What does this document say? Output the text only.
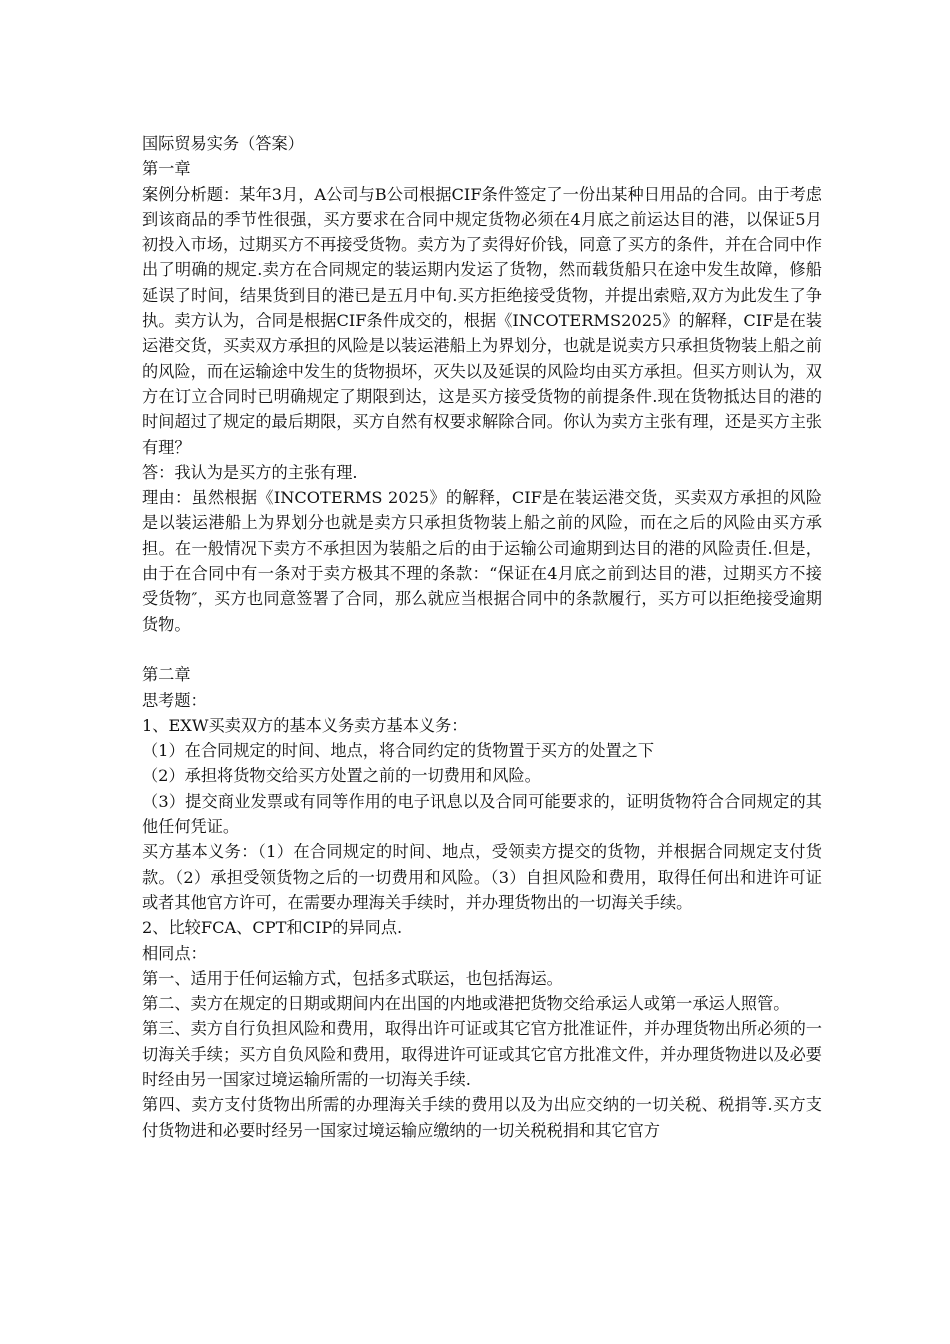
国际贸易实务（答案）

第一章

案例分析题：某年3月，A公司与B公司根据CIF条件签定了一份出某种日用品的合同。由于考虑到该商品的季节性很强，买方要求在合同中规定货物必须在4月底之前运达目的港，以保证5月初投入市场，过期买方不再接受货物。卖方为了卖得好价钱，同意了买方的条件，并在合同中作出了明确的规定.卖方在合同规定的装运期内发运了货物，然而载货船只在途中发生故障，修船延误了时间，结果货到目的港已是五月中旬.买方拒绝接受货物，并提出索赔,双方为此发生了争 执。卖方认为，合同是根据CIF条件成交的，根据《INCOTERMS2025》的解释，CIF是在装运港交货，买卖双方承担的风险是以装运港船上为界划分，也就是说卖方只承担货物装上船之前的风险，而在运输途中发生的货物损坏，灭失以及延误的风险均由买方承担。但买方则认为，双方在订立合同时已明确规定了期限到达，这是买方接受货物的前提条件.现在货物抵达目的港的时间超过了规定的最后期限，买方自然有权要求解除合同。你认为卖方主张有理，还是买方主张有理？

答：我认为是买方的主张有理.

理由：虽然根据《INCOTERMS 2025》的解释，CIF是在装运港交货，买卖双方承担的风险是以装运港船上为界划分也就是卖方只承担货物装上船之前的风险，而在之后的风险由买方承担。在一般情况下卖方不承担因为装船之后的由于运输公司逾期到达目的港的风险责任.但是，由于在合同中有一条对于卖方极其不理的条款：“保证在4月底之前到达目的港，过期买方不接受货物″，买方也同意签署了合同，那么就应当根据合同中的条款履行，买方可以拒绝接受逾期货物。

第二章

思考题：

1、EXW买卖双方的基本义务卖方基本义务：

（1）在合同规定的时间、地点，将合同约定的货物置于买方的处置之下

（2）承担将货物交给买方处置之前的一切费用和风险。

（3）提交商业发票或有同等作用的电子讯息以及合同可能要求的，证明货物符合合同规定的其他任何凭证。

买方基本义务：（1）在合同规定的时间、地点，受领卖方提交的货物，并根据合同规定支付货款。（2）承担受领货物之后的一切费用和风险。（3）自担风险和费用，取得任何出和进许可证或者其他官方许可，在需要办理海关手续时，并办理货物出的一切海关手续。

2、比较FCA、CPT和CIP的异同点.

相同点：

第一、适用于任何运输方式，包括多式联运，也包括海运。

第二、卖方在规定的日期或期间内在出国的内地或港把货物交给承运人或第一承运人照管。

第三、卖方自行负担风险和费用，取得出许可证或其它官方批准证件，并办理货物出所必须的一切海关手续；买方自负风险和费用，取得进许可证或其它官方批准文件，并办理货物进以及必要时经由另一国家过境运输所需的一切海关手续.

第四、卖方支付货物出所需的办理海关手续的费用以及为出应交纳的一切关税、税捐等.买方支付货物进和必要时经另一国家过境运输应缴纳的一切关税税捐和其它官方
